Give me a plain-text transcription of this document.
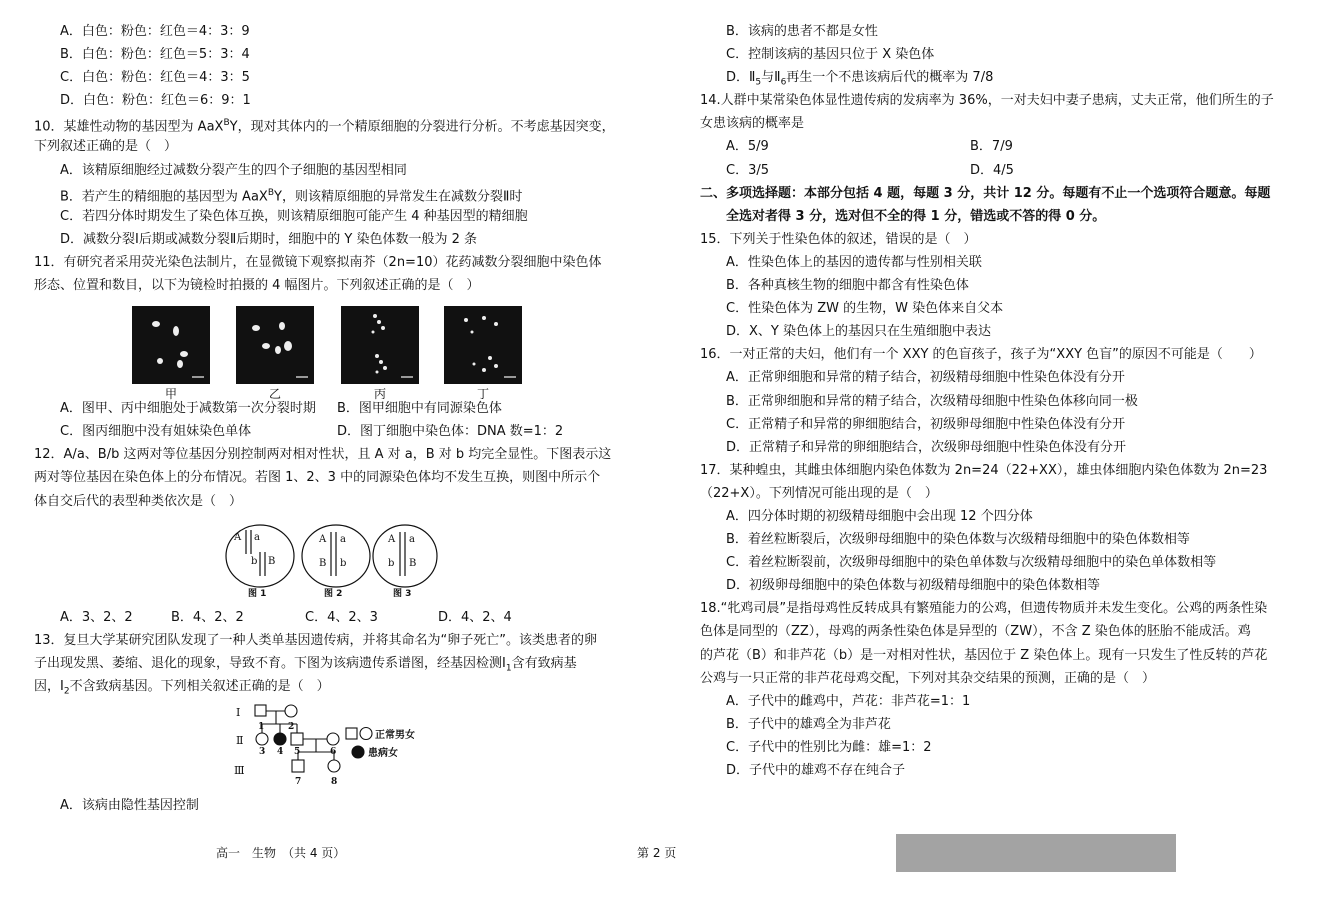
A．白色：粉色：红色＝4：3：9
B．白色：粉色：红色＝5：3：4
C．白色：粉色：红色＝4：3：5
D．白色：粉色：红色＝6：9：1
10．某雄性动物的基因型为 AaX$^B$Y，现对其体内的一个精原细胞的分裂进行分析。不考虑基因突变，
下列叙述正确的是（　）
A．该精原细胞经过减数分裂产生的四个子细胞的基因型相同
B．若产生的精细胞的基因型为 AaX$^B$Y，则该精原细胞的异常发生在减数分裂Ⅱ时
C．若四分体时期发生了染色体互换，则该精原细胞可能产生 4 种基因型的精细胞
D．减数分裂Ⅰ后期或减数分裂Ⅱ后期时，细胞中的 Y 染色体数一般为 2 条
11．有研究者采用荧光染色法制片，在显微镜下观察拟南芥（2n=10）花药减数分裂细胞中染色体
形态、位置和数目，以下为镜检时拍摄的 4 幅图片。下列叙述正确的是（　）
A．图甲、丙中细胞处于减数第一次分裂时期	B．图甲细胞中有同源染色体
C．图丙细胞中没有姐妹染色单体	D．图丁细胞中染色体：DNA 数=1：2
12．A/a、B/b 这两对等位基因分别控制两对相对性状，且 A 对 a，B 对 b 均完全显性。下图表示这
两对等位基因在染色体上的分布情况。若图 1、2、3 中的同源染色体均不发生互换，则图中所示个
体自交后代的表型种类依次是（　）
A．3、2、2	B．4、2、2	C．4、2、3	D．4、2、4
13．复旦大学某研究团队发现了一种人类单基因遗传病，并将其命名为“卵子死亡”。该类患者的卵
子出现发黑、萎缩、退化的现象，导致不育。下图为该病遗传系谱图，经基因检测$Ⅰ_1$含有致病基
因，$Ⅰ_2$不含致病基因。下列相关叙述正确的是（　）
A．该病由隐性基因控制
甲	乙	丙	丁
A a
b B
A a
B b
A a
b B
图 1	图 2	图 3
Ⅰ
Ⅱ
Ⅲ
1	2
3 4 5	6
7	8
正常男女
患病女
B．该病的患者不都是女性
C．控制该病的基因只位于 X 染色体
D．$Ⅱ_5$与$Ⅱ_6$再生一个不患该病后代的概率为 7/8
14.人群中某常染色体显性遗传病的发病率为 36%，一对夫妇中妻子患病，丈夫正常，他们所生的子
女患该病的概率是
A．5/9	B．7/9
C．3/5	D．4/5
二、多项选择题：本部分包括 4 题，每题 3 分，共计 12 分。每题有不止一个选项符合题意。每题
全选对者得 3 分，选对但不全的得 1 分，错选或不答的得 0 分。
15．下列关于性染色体的叙述，错误的是（　）
A．性染色体上的基因的遗传都与性别相关联
B．各种真核生物的细胞中都含有性染色体
C．性染色体为 ZW 的生物，W 染色体来自父本
D．X、Y 染色体上的基因只在生殖细胞中表达
16．一对正常的夫妇，他们有一个 XXY 的色盲孩子，孩子为“XXY 色盲”的原因不可能是（　　）
A．正常卵细胞和异常的精子结合，初级精母细胞中性染色体没有分开
B．正常卵细胞和异常的精子结合，次级精母细胞中性染色体移向同一极
C．正常精子和异常的卵细胞结合，初级卵母细胞中性染色体没有分开
D．正常精子和异常的卵细胞结合，次级卵母细胞中性染色体没有分开
17．某种蝗虫，其雌虫体细胞内染色体数为 2n=24（22+XX），雄虫体细胞内染色体数为 2n=23
（22+X）。下列情况可能出现的是（　）
A．四分体时期的初级精母细胞中会出现 12 个四分体
B．着丝粒断裂后，次级卵母细胞中的染色体数与次级精母细胞中的染色体数相等
C．着丝粒断裂前，次级卵母细胞中的染色单体数与次级精母细胞中的染色单体数相等
D．初级卵母细胞中的染色体数与初级精母细胞中的染色体数相等
18.“牝鸡司晨”是指母鸡性反转成具有繁殖能力的公鸡，但遗传物质并未发生变化。公鸡的两条性染
色体是同型的（ZZ），母鸡的两条性染色体是异型的（ZW），不含 Z 染色体的胚胎不能成活。鸡
的芦花（B）和非芦花（b）是一对相对性状，基因位于 Z 染色体上。现有一只发生了性反转的芦花
公鸡与一只正常的非芦花母鸡交配，下列对其杂交结果的预测，正确的是（　）
A．子代中的雌鸡中，芦花：非芦花=1：1
B．子代中的雄鸡全为非芦花
C．子代中的性别比为雌：雄=1：2
D．子代中的雄鸡不存在纯合子
高一　生物　（共 4 页）	第 2 页
